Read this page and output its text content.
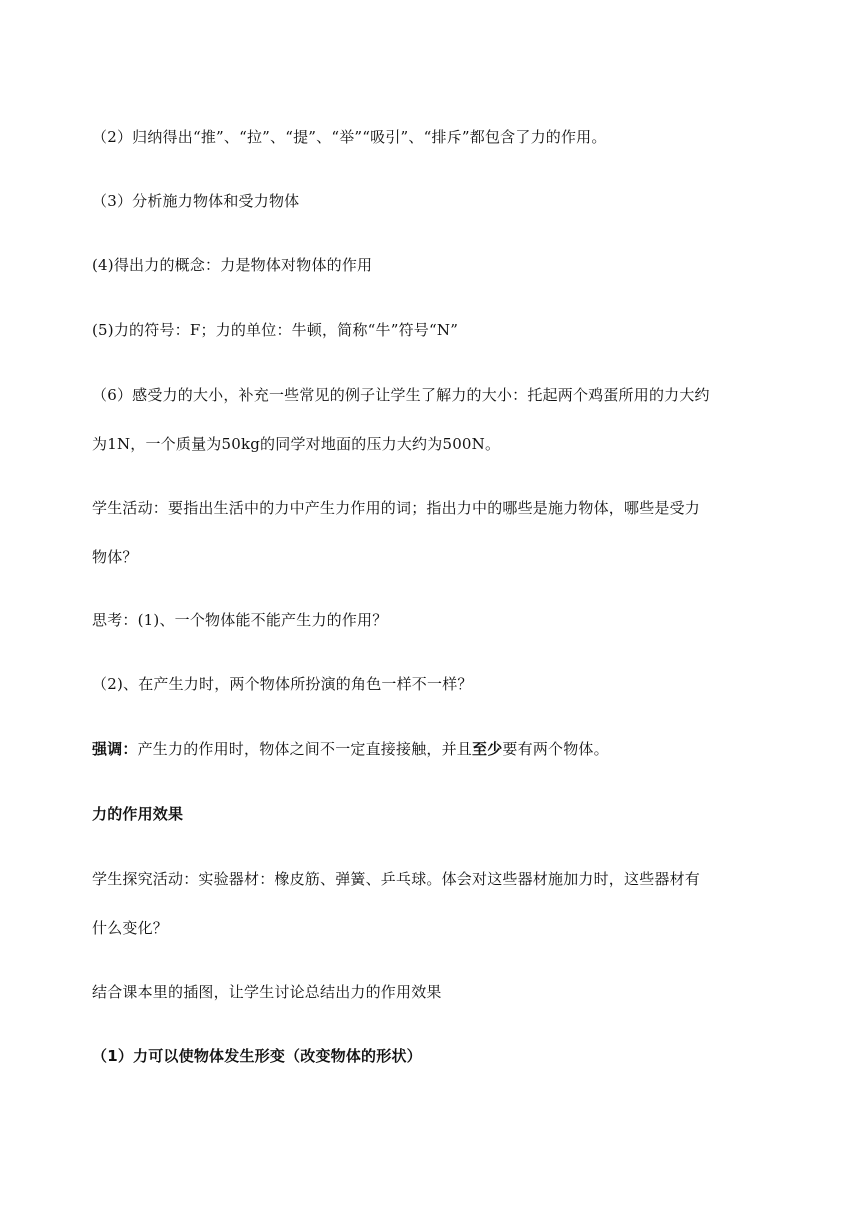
（2）归纳得出“推”、“拉”、“提”、“举”“吸引”、“排斥”都包含了力的作用。
（3）分析施力物体和受力物体
(4)得出力的概念：力是物体对物体的作用
(5)力的符号：F；力的单位：牛顿，简称“牛”符号“N”
（6）感受力的大小，补充一些常见的例子让学生了解力的大小：托起两个鸡蛋所用的力大约
为1N，一个质量为50kg的同学对地面的压力大约为500N。
学生活动：要指出生活中的力中产生力作用的词；指出力中的哪些是施力物体，哪些是受力
物体？
思考：(1)、一个物体能不能产生力的作用？
（2)、在产生力时，两个物体所扮演的角色一样不一样？
强调：产生力的作用时，物体之间不一定直接接触，并且至少要有两个物体。
力的作用效果
学生探究活动：实验器材：橡皮筋、弹簧、乒乓球。体会对这些器材施加力时，这些器材有
什么变化？
结合课本里的插图，让学生讨论总结出力的作用效果
（1）力可以使物体发生形变（改变物体的形状）
